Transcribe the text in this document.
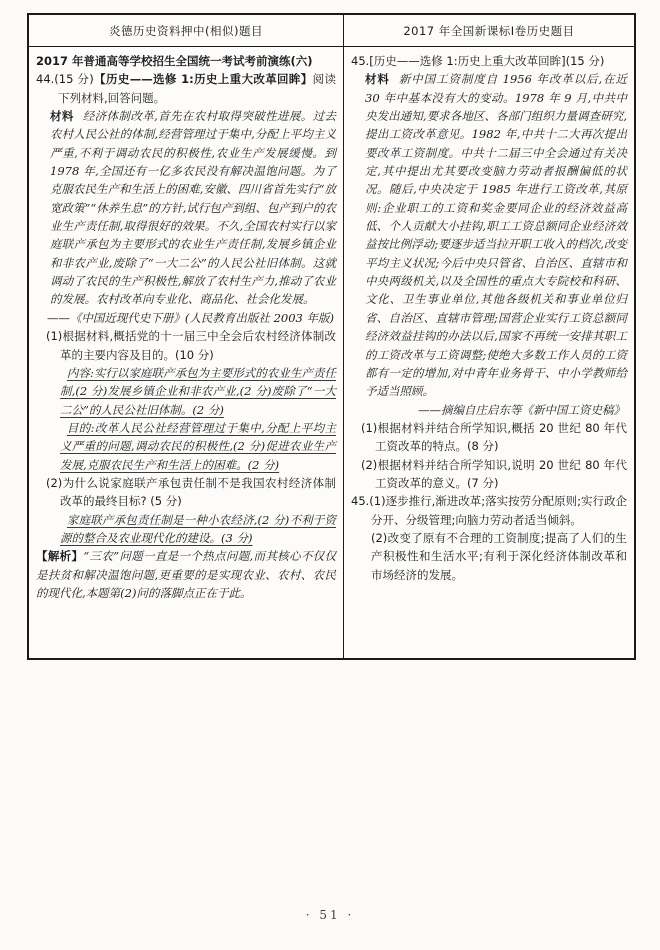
炎德历史资料押中(相似)题目	2017 年全国新课标Ⅰ卷历史题目

2017 年普通高等学校招生全国统一考试考前演练(六)

44.(15 分)【历史——选修 1:历史上重大改革回眸】阅读下列材料,回答问题。

材料 经济体制改革,首先在农村取得突破性进展。过去农村人民公社的体制,经营管理过于集中,分配上平均主义严重,不利于调动农民的积极性,农业生产发展缓慢。到 1978 年,全国还有一亿多农民没有解决温饱问题。为了克服农民生产和生活上的困难,安徽、四川省首先实行“放宽政策”“休养生息”的方针,试行包产到组、包产到户的农业生产责任制,取得很好的效果。不久,全国农村实行以家庭联产承包为主要形式的农业生产责任制,发展乡镇企业和非农产业,废除了“一大二公”的人民公社旧体制。这就调动了农民的生产积极性,解放了农村生产力,推动了农业的发展。农村改革向专业化、商品化、社会化发展。

——《中国近现代史下册》(人民教育出版社 2003 年版)

(1)根据材料,概括党的十一届三中全会后农村经济体制改革的主要内容及目的。(10 分)

内容:实行以家庭联产承包为主要形式的农业生产责任制,(2 分)发展乡镇企业和非农产业,(2 分)废除了“一大二公”的人民公社旧体制。(2 分)

目的:改革人民公社经营管理过于集中,分配上平均主义严重的问题,调动农民的积极性,(2 分)促进农业生产发展,克服农民生产和生活上的困难。(2 分)

(2)为什么说家庭联产承包责任制不是我国农村经济体制改革的最终目标? (5 分)

家庭联产承包责任制是一种小农经济,(2 分)不利于资源的整合及农业现代化的建设。(3 分)

【解析】“三农”问题一直是一个热点问题,而其核心不仅仅是扶贫和解决温饱问题,更重要的是实现农业、农村、农民的现代化,本题第(2)问的落脚点正在于此。

45.[历史——选修 1:历史上重大改革回眸](15 分)

材料 新中国工资制度自 1956 年改革以后,在近 30 年中基本没有大的变动。1978 年 9 月,中共中央发出通知,要求各地区、各部门组织力量调查研究,提出工资改革意见。1982 年,中共十二大再次提出要改革工资制度。中共十二届三中全会通过有关决定,其中提出尤其要改变脑力劳动者报酬偏低的状况。随后,中央决定于 1985 年进行工资改革,其原则:企业职工的工资和奖金要同企业的经济效益高低、个人贡献大小挂钩,职工工资总额同企业经济效益按比例浮动;要逐步适当拉开职工收入的档次,改变平均主义状况;今后中央只管省、自治区、直辖市和中央两级机关,以及全国性的重点大专院校和科研、文化、卫生事业单位,其他各级机关和事业单位归省、自治区、直辖市管理;国营企业实行工资总额同经济效益挂钩的办法以后,国家不再统一安排其职工的工资改革与工资调整;使绝大多数工作人员的工资都有一定的增加,对中青年业务骨干、中小学教师给予适当照顾。

——摘编自庄启东等《新中国工资史稿》

(1)根据材料并结合所学知识,概括 20 世纪 80 年代工资改革的特点。(8 分)

(2)根据材料并结合所学知识,说明 20 世纪 80 年代工资改革的意义。(7 分)

45.(1)逐步推行,渐进改革;落实按劳分配原则;实行政企分开、分级管理;向脑力劳动者适当倾斜。

(2)改变了原有不合理的工资制度;提高了人们的生产积极性和生活水平;有利于深化经济体制改革和市场经济的发展。

· 51 ·
